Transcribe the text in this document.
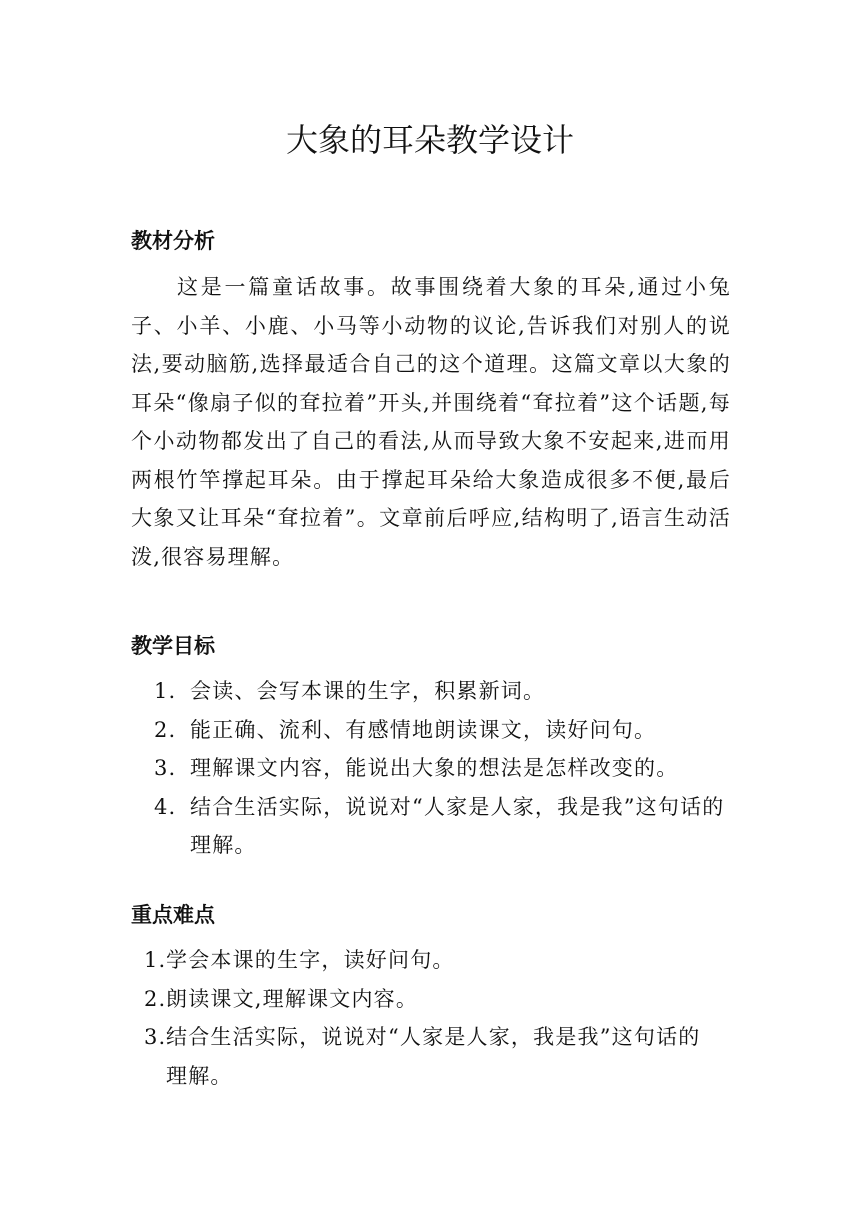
大象的耳朵教学设计
教材分析
这是一篇童话故事。故事围绕着大象的耳朵,通过小兔子、小羊、小鹿、小马等小动物的议论,告诉我们对别人的说法,要动脑筋,选择最适合自己的这个道理。这篇文章以大象的耳朵“像扇子似的耷拉着”开头,并围绕着“耷拉着”这个话题,每个小动物都发出了自己的看法,从而导致大象不安起来,进而用两根竹竿撑起耳朵。由于撑起耳朵给大象造成很多不便,最后大象又让耳朵“耷拉着”。文章前后呼应,结构明了,语言生动活泼,很容易理解。
教学目标
1. 会读、会写本课的生字，积累新词。
2. 能正确、流利、有感情地朗读课文，读好问句。
3. 理解课文内容，能说出大象的想法是怎样改变的。
4. 结合生活实际，说说对“人家是人家，我是我”这句话的理解。
重点难点
1. 学会本课的生字，读好问句。
2. 朗读课文,理解课文内容。
3. 结合生活实际，说说对“人家是人家，我是我”这句话的理解。
